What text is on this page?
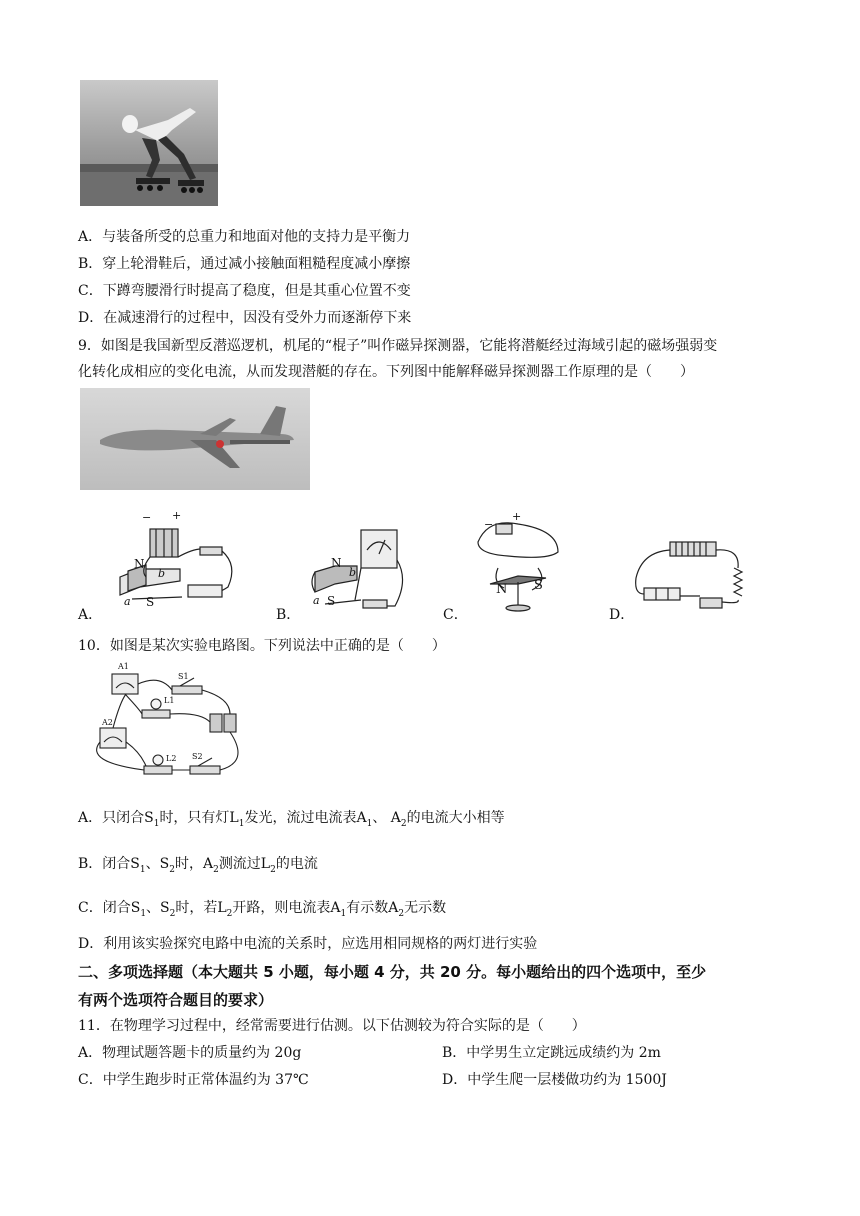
A．与装备所受的总重力和地面对他的支持力是平衡力
B．穿上轮滑鞋后，通过减小接触面粗糙程度减小摩擦
C．下蹲弯腰滑行时提高了稳度，但是其重心位置不变
D．在减速滑行的过程中，因没有受外力而逐渐停下来
9．如图是我国新型反潜巡逻机，机尾的“棍子”叫作磁异探测器，它能将潜艇经过海域引起的磁场强弱变
化转化成相应的变化电流，从而发现潜艇的存在。下列图中能解释磁异探测器工作原理的是（　　）
− +
N
b
S
a
A．
N
b
S
a
B．
−
+
N S
C．	D．
10．如图是某次实验电路图。下列说法中正确的是（　　）
A1
A2
S1
L1
L2 S2
A．只闭合$S_1$时，只有灯$L_1$发光，流过电流表$A_1$、 $A_2$的电流大小相等
B．闭合$S_1$、$S_2$时，$A_2$测流过$L_2$的电流
C．闭合$S_1$、$S_2$时，若$L_2$开路，则电流表$A_1$有示数$A_2$无示数
D．利用该实验探究电路中电流的关系时，应选用相同规格的两灯进行实验
二、多项选择题（本大题共 5 小题，每小题 4 分，共 20 分。每小题给出的四个选项中，至少
有两个选项符合题目的要求）
11．在物理学习过程中，经常需要进行估测。以下估测较为符合实际的是（　　）
A．物理试题答题卡的质量约为 20g	B．中学男生立定跳远成绩约为 2m
C．中学生跑步时正常体温约为 37℃	D．中学生爬一层楼做功约为 1500J
